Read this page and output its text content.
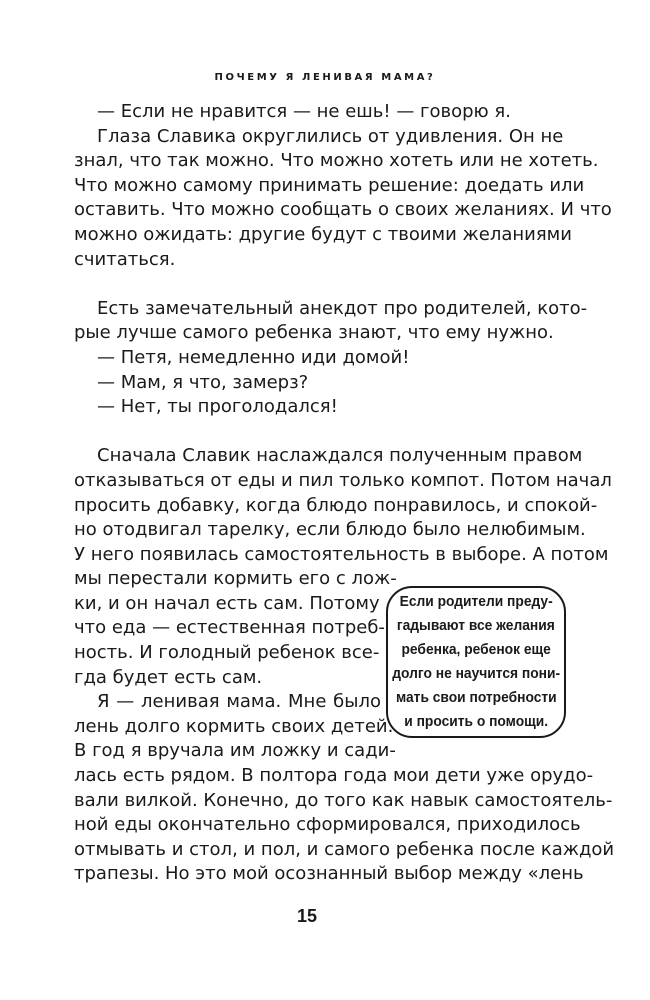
ПОЧЕМУ Я ЛЕНИВАЯ МАМА?
— Если не нравится — не ешь! — говорю я.
Глаза Славика округлились от удивления. Он не
знал, что так можно. Что можно хотеть или не хотеть.
Что можно самому принимать решение: доедать или
оставить. Что можно сообщать о своих желаниях. И что
можно ожидать: другие будут с твоими желаниями
считаться.
Есть замечательный анекдот про родителей, кото-
рые лучше самого ребенка знают, что ему нужно.
— Петя, немедленно иди домой!
— Мам, я что, замерз?
— Нет, ты проголодался!
Сначала Славик наслаждался полученным правом
отказываться от еды и пил только компот. Потом начал
просить добавку, когда блюдо понравилось, и спокой-
но отодвигал тарелку, если блюдо было нелюбимым.
У него появилась самостоятельность в выборе. А потом
мы перестали кормить его с лож-
ки, и он начал есть сам. Потому
что еда — естественная потреб-
ность. И голодный ребенок все-
гда будет есть сам.
Я — ленивая мама. Мне было
лень долго кормить своих детей.
В год я вручала им ложку и сади-
лась есть рядом. В полтора года мои дети уже орудо-
вали вилкой. Конечно, до того как навык самостоятель-
ной еды окончательно сформировался, приходилось
отмывать и стол, и пол, и самого ребенка после каждой
трапезы. Но это мой осознанный выбор между «лень
Если родители преду-
гадывают все желания
ребенка, ребенок еще
долго не научится пони-
мать свои потребности
и просить о помощи.
15
